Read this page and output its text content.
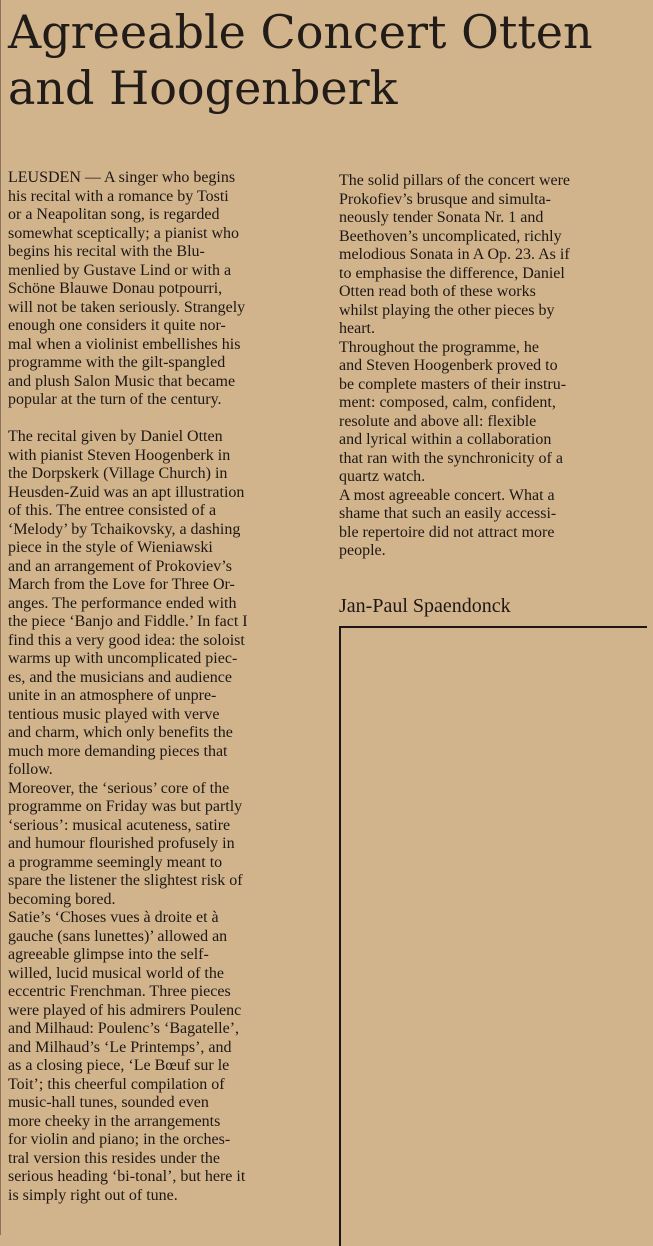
Agreeable Concert Otten
and Hoogenberk

LEUSDEN — A singer who begins
his recital with a romance by Tosti
or a Neapolitan song, is regarded
somewhat sceptically; a pianist who
begins his recital with the Blu-
menlied by Gustave Lind or with a
Schöne Blauwe Donau potpourri,
will not be taken seriously. Strangely
enough one considers it quite nor-
mal when a violinist embellishes his
programme with the gilt-spangled
and plush Salon Music that became
popular at the turn of the century.

The recital given by Daniel Otten
with pianist Steven Hoogenberk in
the Dorpskerk (Village Church) in
Heusden-Zuid was an apt illustration
of this. The entree consisted of a
‘Melody’ by Tchaikovsky, a dashing
piece in the style of Wieniawski
and an arrangement of Prokoviev’s
March from the Love for Three Or-
anges. The performance ended with
the piece ‘Banjo and Fiddle.’ In fact I
find this a very good idea: the soloist
warms up with uncomplicated piec-
es, and the musicians and audience
unite in an atmosphere of unpre-
tentious music played with verve
and charm, which only benefits the
much more demanding pieces that
follow.

Moreover, the ‘serious’ core of the
programme on Friday was but partly
‘serious’: musical acuteness, satire
and humour flourished profusely in
a programme seemingly meant to
spare the listener the slightest risk of
becoming bored.

Satie’s ‘Choses vues à droite et à
gauche (sans lunettes)’ allowed an
agreeable glimpse into the self-
willed, lucid musical world of the
eccentric Frenchman. Three pieces
were played of his admirers Poulenc
and Milhaud: Poulenc’s ‘Bagatelle’,
and Milhaud’s ‘Le Printemps’, and
as a closing piece, ‘Le Bœuf sur le
Toit’; this cheerful compilation of
music-hall tunes, sounded even
more cheeky in the arrangements
for violin and piano; in the orches-
tral version this resides under the
serious heading ‘bi-tonal’, but here it
is simply right out of tune.

The solid pillars of the concert were
Prokofiev’s brusque and simulta-
neously tender Sonata Nr. 1 and
Beethoven’s uncomplicated, richly
melodious Sonata in A Op. 23. As if
to emphasise the difference, Daniel
Otten read both of these works
whilst playing the other pieces by
heart.

Throughout the programme, he
and Steven Hoogenberk proved to
be complete masters of their instru-
ment: composed, calm, confident,
resolute and above all: flexible
and lyrical within a collaboration
that ran with the synchronicity of a
quartz watch.

A most agreeable concert. What a
shame that such an easily accessi-
ble repertoire did not attract more
people.

Jan-Paul Spaendonck
